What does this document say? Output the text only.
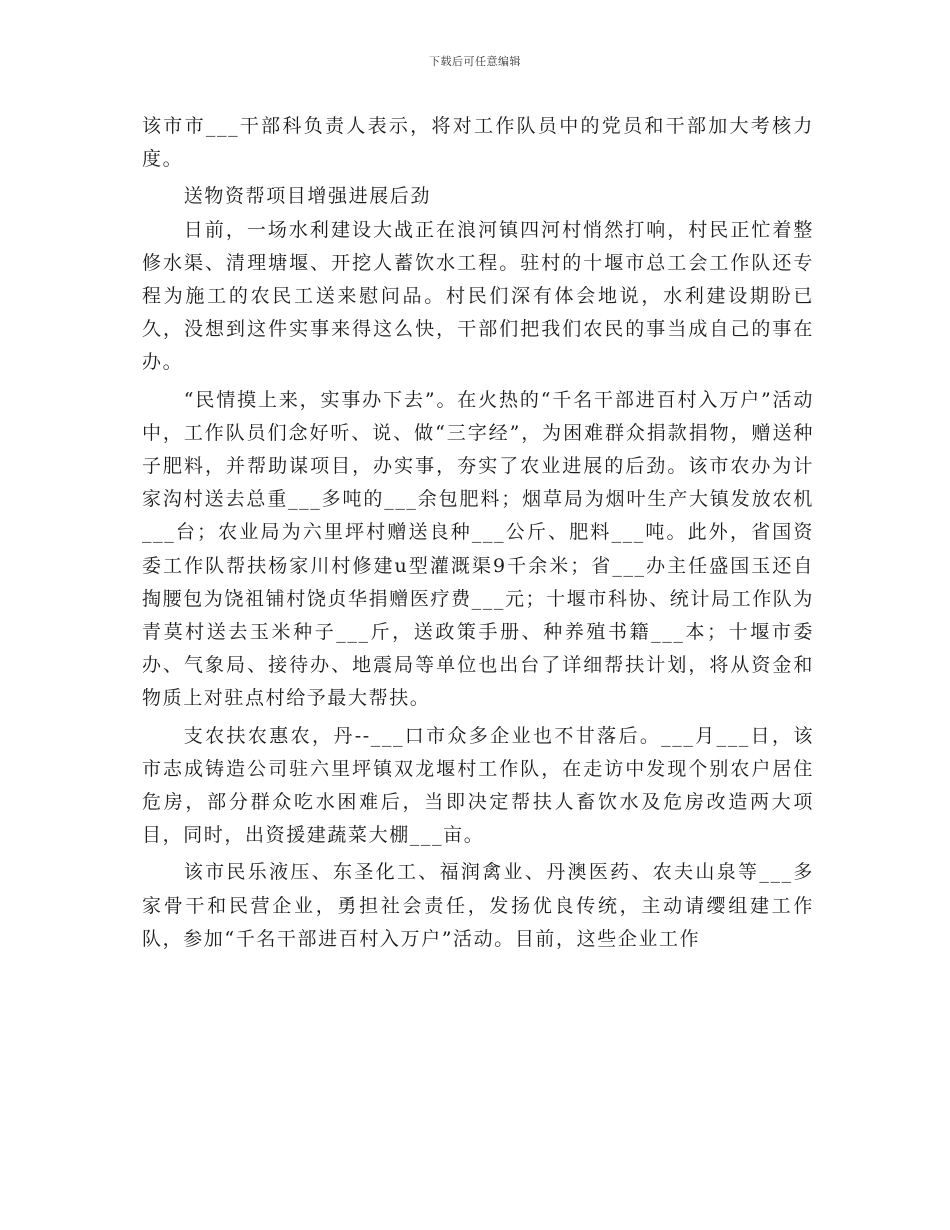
下载后可任意编辑

该市市___干部科负责人表示，将对工作队员中的党员和干部加大考核力度。

送物资帮项目增强进展后劲

日前，一场水利建设大战正在浪河镇四河村悄然打响，村民正忙着整修水渠、清理塘堰、开挖人蓄饮水工程。驻村的十堰市总工会工作队还专程为施工的农民工送来慰问品。村民们深有体会地说，水利建设期盼已久，没想到这件实事来得这么快，干部们把我们农民的事当成自己的事在办。

“民情摸上来，实事办下去”。在火热的“千名干部进百村入万户”活动中，工作队员们念好听、说、做“三字经”，为困难群众捐款捐物，赠送种子肥料，并帮助谋项目，办实事，夯实了农业进展的后劲。该市农办为计家沟村送去总重___多吨的___余包肥料；烟草局为烟叶生产大镇发放农机___台；农业局为六里坪村赠送良种___公斤、肥料___吨。此外，省国资委工作队帮扶杨家川村修建u型灌溉渠9千余米；省___办主任盛国玉还自掏腰包为饶祖铺村饶贞华捐赠医疗费___元；十堰市科协、统计局工作队为青莫村送去玉米种子___斤，送政策手册、种养殖书籍___本；十堰市委办、气象局、接待办、地震局等单位也出台了详细帮扶计划，将从资金和物质上对驻点村给予最大帮扶。

支农扶农惠农，丹--___口市众多企业也不甘落后。___月___日，该市志成铸造公司驻六里坪镇双龙堰村工作队，在走访中发现个别农户居住危房，部分群众吃水困难后，当即决定帮扶人畜饮水及危房改造两大项目，同时，出资援建蔬菜大棚___亩。

该市民乐液压、东圣化工、福润禽业、丹澳医药、农夫山泉等___多家骨干和民营企业，勇担社会责任，发扬优良传统，主动请缨组建工作队，参加“千名干部进百村入万户”活动。目前，这些企业工作
